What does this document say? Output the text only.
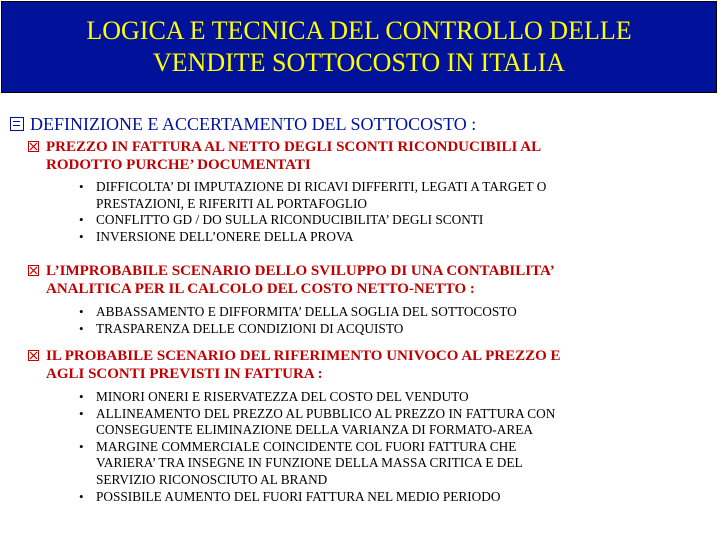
LOGICA E TECNICA DEL CONTROLLO DELLE
VENDITE SOTTOCOSTO IN ITALIA
DEFINIZIONE E ACCERTAMENTO DEL SOTTOCOSTO :
PREZZO IN FATTURA AL NETTO DEGLI SCONTI RICONDUCIBILI AL
RODOTTO PURCHE’ DOCUMENTATI
• DIFFICOLTA’ DI IMPUTAZIONE DI RICAVI DIFFERITI, LEGATI A TARGET O
PRESTAZIONI, E RIFERITI AL PORTAFOGLIO
• CONFLITTO GD / DO SULLA RICONDUCIBILITA’ DEGLI SCONTI
• INVERSIONE DELL’ONERE DELLA PROVA
L’IMPROBABILE SCENARIO DELLO SVILUPPO DI UNA CONTABILITA’
ANALITICA PER IL CALCOLO DEL COSTO NETTO-NETTO :
• ABBASSAMENTO E DIFFORMITA’ DELLA SOGLIA DEL SOTTOCOSTO
• TRASPARENZA DELLE CONDIZIONI DI ACQUISTO
IL PROBABILE SCENARIO DEL RIFERIMENTO UNIVOCO AL PREZZO E
AGLI SCONTI PREVISTI IN FATTURA :
• MINORI ONERI E RISERVATEZZA DEL COSTO DEL VENDUTO
• ALLINEAMENTO DEL PREZZO AL PUBBLICO AL PREZZO IN FATTURA CON
CONSEGUENTE ELIMINAZIONE DELLA VARIANZA DI FORMATO-AREA
• MARGINE COMMERCIALE COINCIDENTE COL FUORI FATTURA CHE
VARIERA’ TRA INSEGNE IN FUNZIONE DELLA MASSA CRITICA E DEL
SERVIZIO RICONOSCIUTO AL BRAND
• POSSIBILE AUMENTO DEL FUORI FATTURA NEL MEDIO PERIODO
